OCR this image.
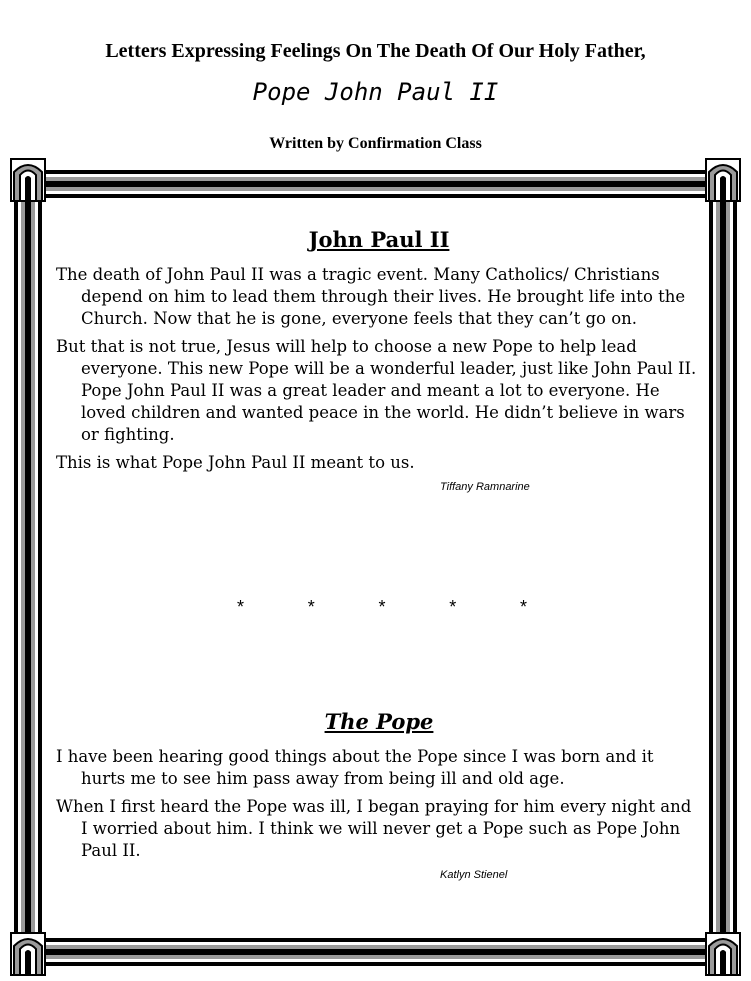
Letters Expressing Feelings On The Death Of Our Holy Father,
Pope John Paul II
Written by Confirmation Class
John Paul II

The death of John Paul II was a tragic event. Many Catholics/ Christians depend on him to lead them through their lives. He brought life into the Church. Now that he is gone, everyone feels that they can’t go on.

But that is not true, Jesus will help to choose a new Pope to help lead everyone. This new Pope will be a wonderful leader, just like John Paul II. Pope John Paul II was a great leader and meant a lot to everyone. He loved children and wanted peace in the world. He didn’t believe in wars or fighting.

This is what Pope John Paul II meant to us.

Tiffany Ramnarine
*	*	*	*	*
The Pope

I have been hearing good things about the Pope since I was born and it hurts me to see him pass away from being ill and old age.

When I first heard the Pope was ill, I began praying for him every night and I worried about him. I think we will never get a Pope such as Pope John Paul II.

Katlyn Stienel
